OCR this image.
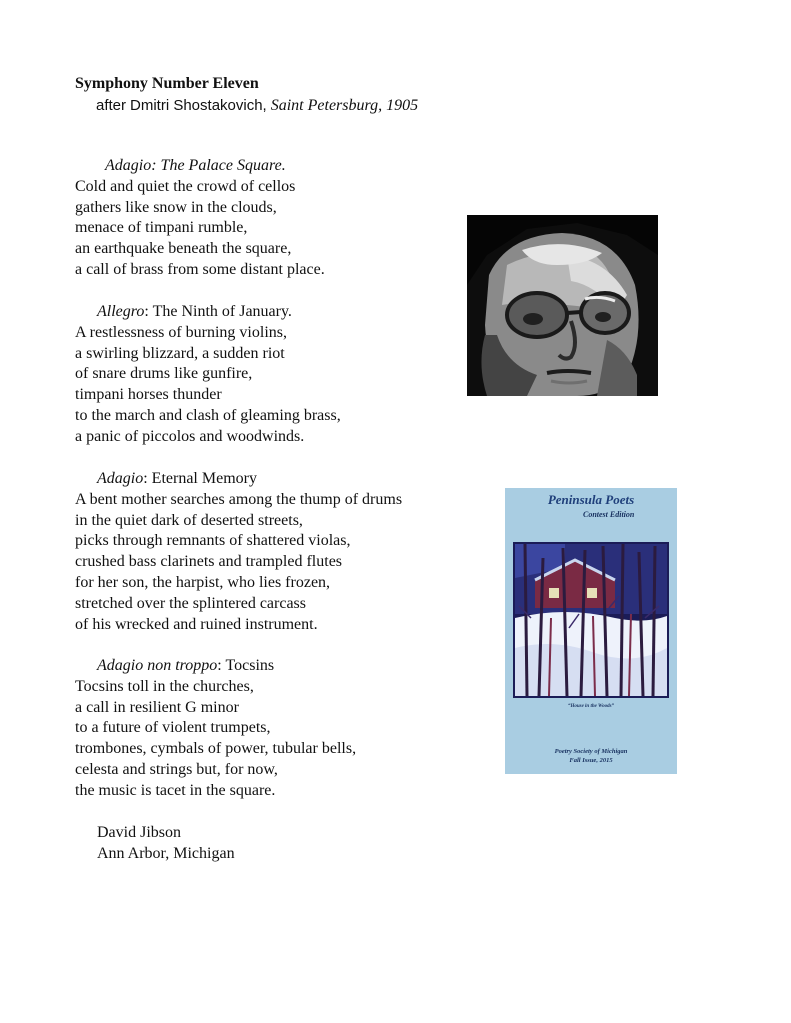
Symphony Number Eleven
after Dmitri Shostakovich, Saint Petersburg, 1905
Adagio: The Palace Square.
Cold and quiet the crowd of cellos
gathers like snow in the clouds,
menace of timpani rumble,
an earthquake beneath the square,
a call of brass from some distant place.
Allegro: The Ninth of January.
A restlessness of burning violins,
a swirling blizzard, a sudden riot
of snare drums like gunfire,
timpani horses thunder
to the march and clash of gleaming brass,
a panic of piccolos and woodwinds.
Adagio: Eternal Memory
A bent mother searches among the thump of drums
in the quiet dark of deserted streets,
picks through remnants of shattered violas,
crushed bass clarinets and trampled flutes
for her son, the harpist, who lies frozen,
stretched over the splintered carcass
of his wrecked and ruined instrument.
Adagio non troppo: Tocsins
Tocsins toll in the churches,
a call in resilient G minor
to a future of violent trumpets,
trombones, cymbals of power, tubular bells,
celesta and strings but, for now,
the music is tacet in the square.
David Jibson
Ann Arbor, Michigan
Peninsula Poets
Contest Edition
“House in the Woods”
Poetry Society of Michigan
Fall Issue, 2015
